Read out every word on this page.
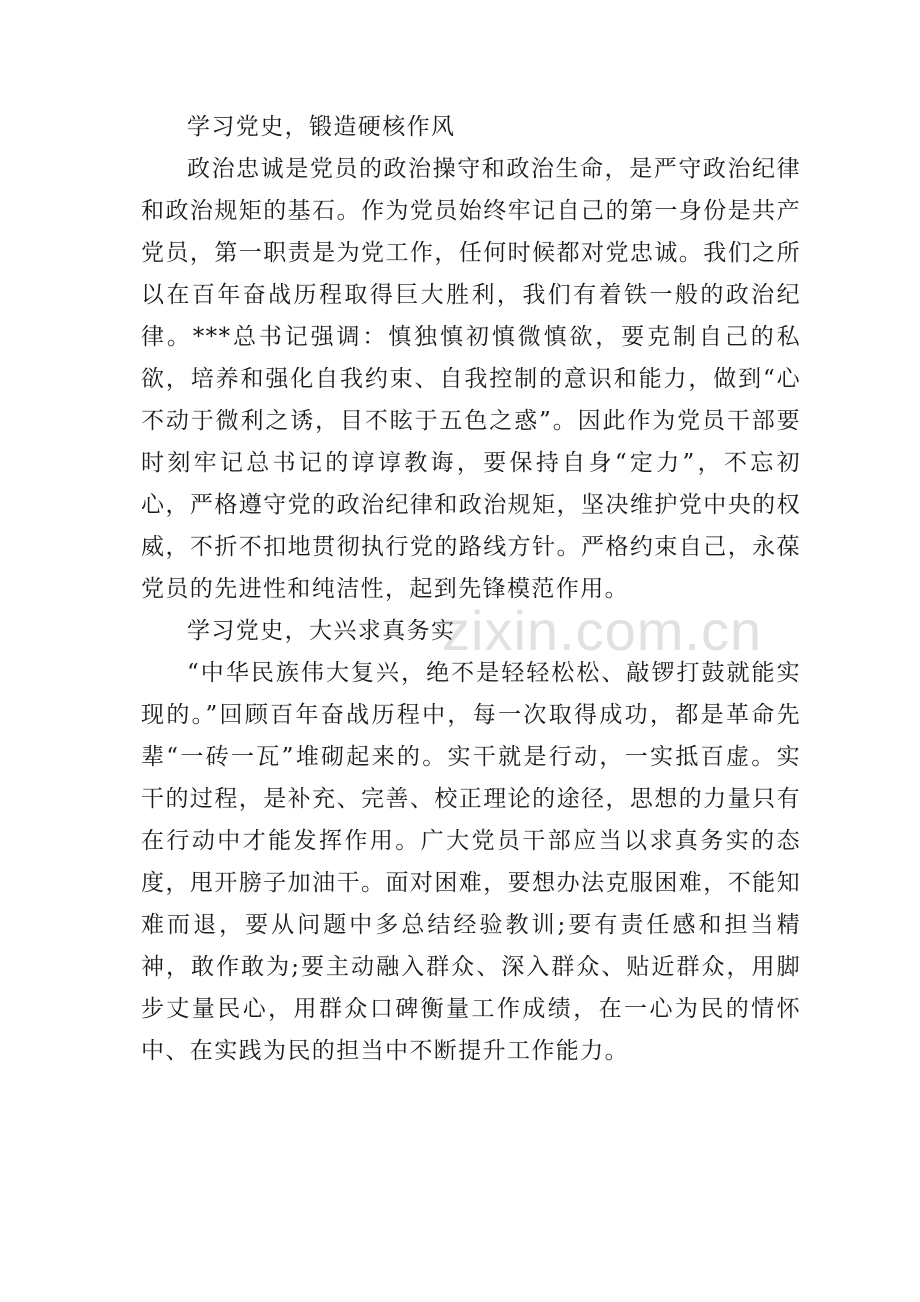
学习党史，锻造硬核作风

政治忠诚是党员的政治操守和政治生命，是严守政治纪律和政治规矩的基石。作为党员始终牢记自己的第一身份是共产党员，第一职责是为党工作，任何时候都对党忠诚。我们之所以在百年奋战历程取得巨大胜利，我们有着铁一般的政治纪律。***总书记强调：慎独慎初慎微慎欲，要克制自己的私欲，培养和强化自我约束、自我控制的意识和能力，做到“心不动于微利之诱，目不眩于五色之惑”。因此作为党员干部要时刻牢记总书记的谆谆教诲，要保持自身“定力”，不忘初心，严格遵守党的政治纪律和政治规矩，坚决维护党中央的权威，不折不扣地贯彻执行党的路线方针。严格约束自己，永葆党员的先进性和纯洁性，起到先锋模范作用。

学习党史，大兴求真务实

“中华民族伟大复兴，绝不是轻轻松松、敲锣打鼓就能实现的。”回顾百年奋战历程中，每一次取得成功，都是革命先辈“一砖一瓦”堆砌起来的。实干就是行动，一实抵百虚。实干的过程，是补充、完善、校正理论的途径，思想的力量只有在行动中才能发挥作用。广大党员干部应当以求真务实的态度，甩开膀子加油干。面对困难，要想办法克服困难，不能知难而退，要从问题中多总结经验教训;要有责任感和担当精神，敢作敢为;要主动融入群众、深入群众、贴近群众，用脚步丈量民心，用群众口碑衡量工作成绩，在一心为民的情怀中、在实践为民的担当中不断提升工作能力。

zixin.com.cn
